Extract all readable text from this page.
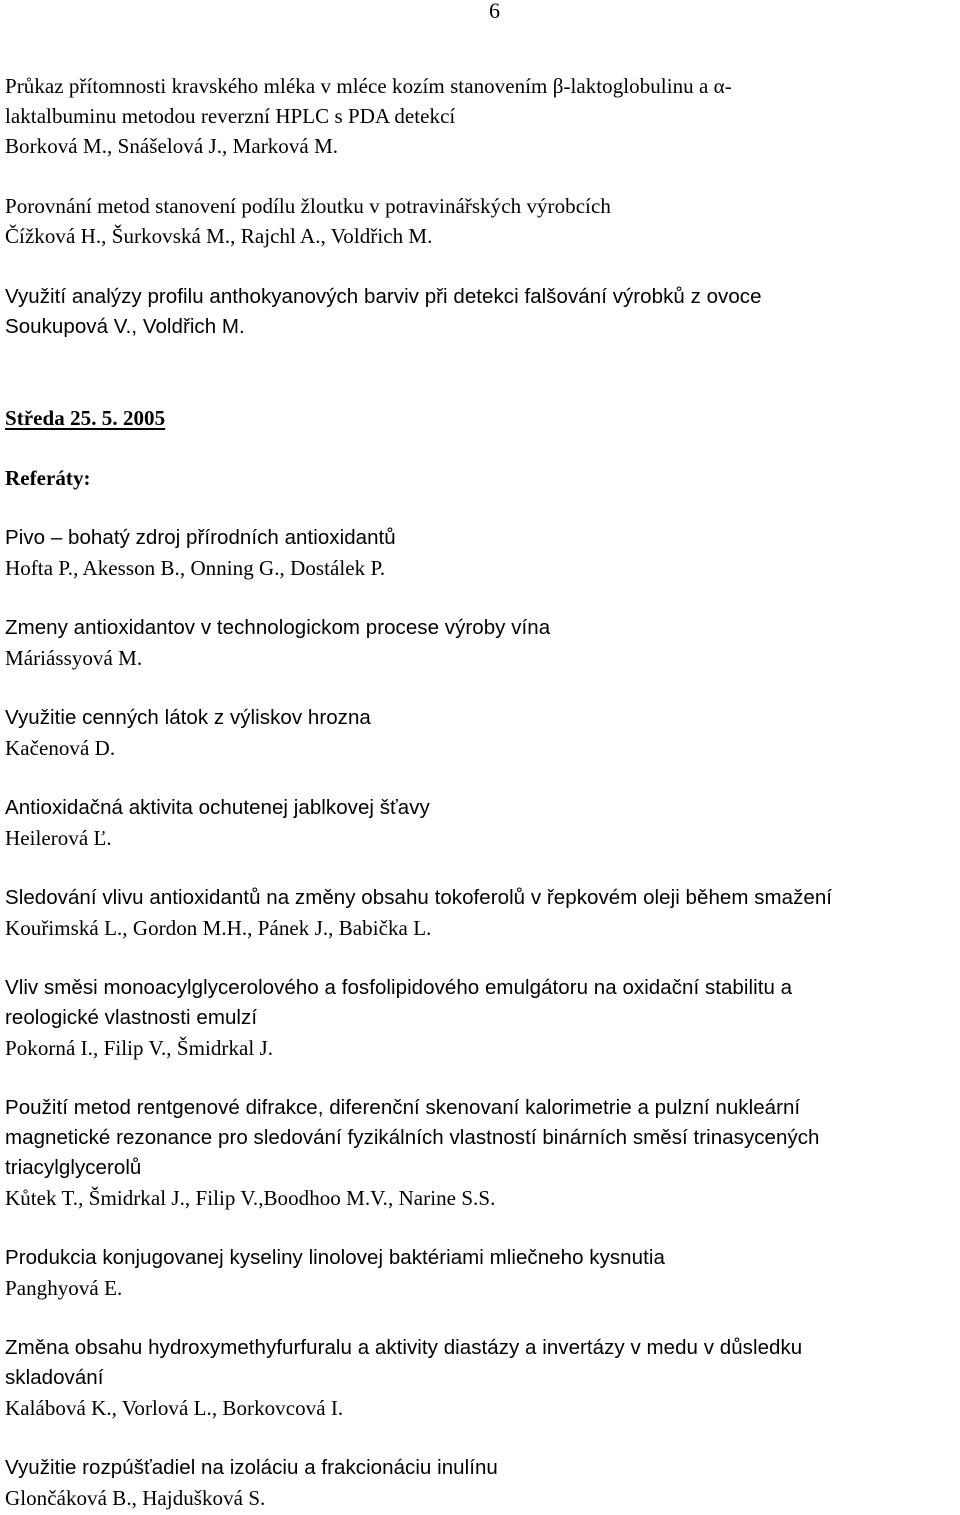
6
Průkaz přítomnosti kravského mléka v mléce kozím stanovením β-laktoglobulinu a α-
laktalbuminu metodou reverzní HPLC s PDA detekcí
Borková M., Snášelová J., Marková M.
Porovnání metod stanovení podílu žloutku v potravinářských výrobcích
Čížková H., Šurkovská M., Rajchl A., Voldřich M.
Využití analýzy profilu anthokyanových barviv při detekci falšování výrobků z ovoce
Soukupová V., Voldřich M.
Středa 25. 5. 2005
Referáty:
Pivo – bohatý zdroj přírodních antioxidantů
Hofta P., Akesson B., Onning G., Dostálek P.
Zmeny antioxidantov v technologickom procese výroby vína
Máriássyová M.
Využitie cenných látok z výliskov hrozna
Kačenová D.
Antioxidačná aktivita ochutenej jablkovej šťavy
Heilerová Ľ.
Sledování vlivu antioxidantů na změny obsahu tokoferolů v řepkovém oleji během smažení
Kouřimská L., Gordon M.H., Pánek J., Babička L.
Vliv směsi monoacylglycerolového a fosfolipidového emulgátoru na oxidační stabilitu a
reologické vlastnosti emulzí
Pokorná I., Filip V., Šmidrkal J.
Použití metod rentgenové difrakce, diferenční skenovaní kalorimetrie a pulzní nukleární
magnetické rezonance pro sledování fyzikálních vlastností binárních směsí trinasycených
triacylglycerolů
Kůtek T., Šmidrkal J., Filip V.,Boodhoo M.V., Narine S.S.
Produkcia konjugovanej kyseliny linolovej baktériami mliečneho kysnutia
Panghyová E.
Změna obsahu hydroxymethyfurfuralu a aktivity diastázy a invertázy v medu v důsledku
skladování
Kalábová K., Vorlová L., Borkovcová I.
Využitie rozpúšťadiel na izoláciu a frakcionáciu inulínu
Glončáková B., Hajdušková S.
